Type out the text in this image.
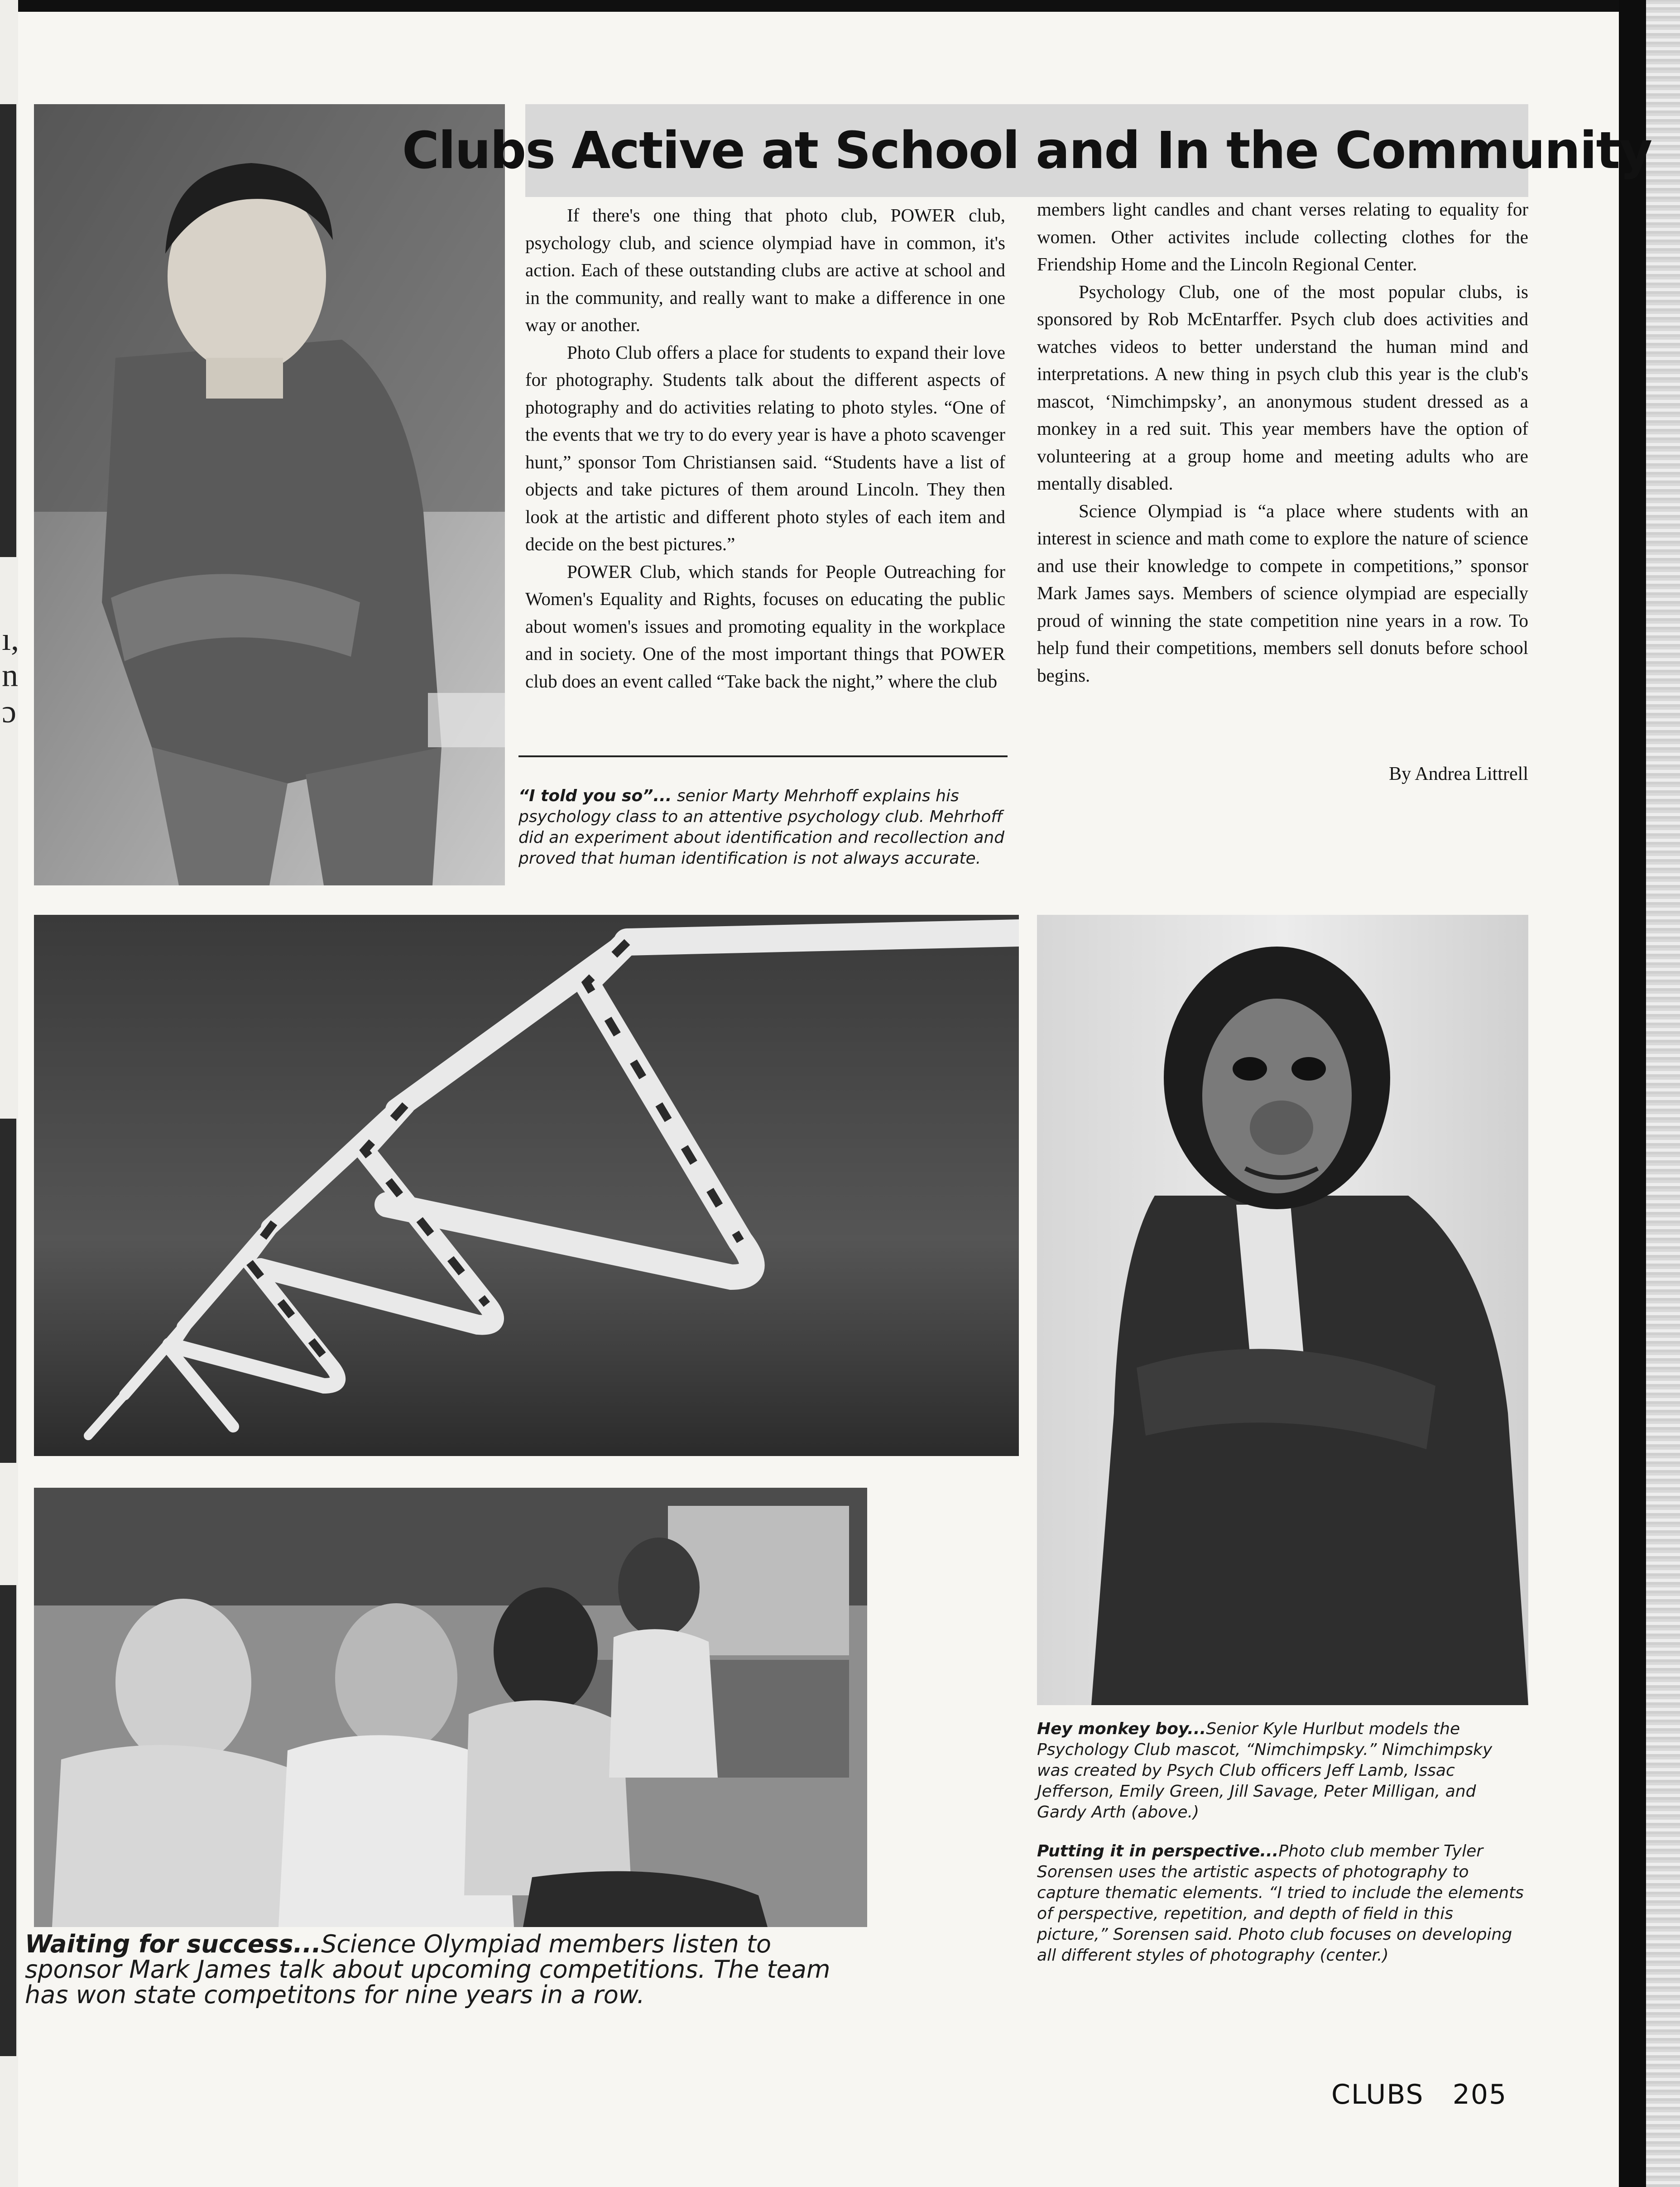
ı,
n
ɔ
Clubs Active at School and In the Community

If there's one thing that photo club, POWER club, psychology club, and science olympiad have in common, it's action. Each of these outstanding clubs are active at school and in the community, and really want to make a difference in one way or another.

Photo Club offers a place for students to expand their love for photography. Students talk about the different aspects of photography and do activities relating to photo styles. “One of the events that we try to do every year is have a photo scavenger hunt,” sponsor Tom Christiansen said. “Students have a list of objects and take pictures of them around Lincoln. They then look at the artistic and different photo styles of each item and decide on the best pictures.”

POWER Club, which stands for People Outreaching for Women's Equality and Rights, focuses on educating the public about women's issues and promoting equality in the workplace and in society. One of the most important things that POWER club does an event called “Take back the night,” where the club

members light candles and chant verses relating to equality for women. Other activites include collecting clothes for the Friendship Home and the Lincoln Regional Center.

Psychology Club, one of the most popular clubs, is sponsored by Rob McEntarffer. Psych club does activities and watches videos to better understand the human mind and interpretations. A new thing in psych club this year is the club's mascot, ‘Nimchimpsky’, an anonymous student dressed as a monkey in a red suit. This year members have the option of volunteering at a group home and meeting adults who are mentally disabled.

Science Olympiad is “a place where students with an interest in science and math come to explore the nature of science and use their knowledge to compete in competitions,” sponsor Mark James says. Members of science olympiad are especially proud of winning the state competition nine years in a row. To help fund their competitions, members sell donuts before school begins.

By Andrea Littrell
“I told you so”... senior Marty Mehrhoff explains his psychology class to an attentive psychology club. Mehrhoff did an experiment about identification and recollection and proved that human identification is not always accurate.
Hey monkey boy...Senior Kyle Hurlbut models the Psychology Club mascot, “Nimchimpsky.” Nimchimpsky was created by Psych Club officers Jeff Lamb, Issac Jefferson, Emily Green, Jill Savage, Peter Milligan, and Gardy Arth (above.)
Putting it in perspective...Photo club member Tyler Sorensen uses the artistic aspects of photography to capture thematic elements. “I tried to include the elements of perspective, repetition, and depth of field in this picture,” Sorensen said. Photo club focuses on developing all different styles of photography (center.)
Waiting for success...Science Olympiad members listen to sponsor Mark James talk about upcoming competitions. The team has won state competitons for nine years in a row.
CLUBS 205
